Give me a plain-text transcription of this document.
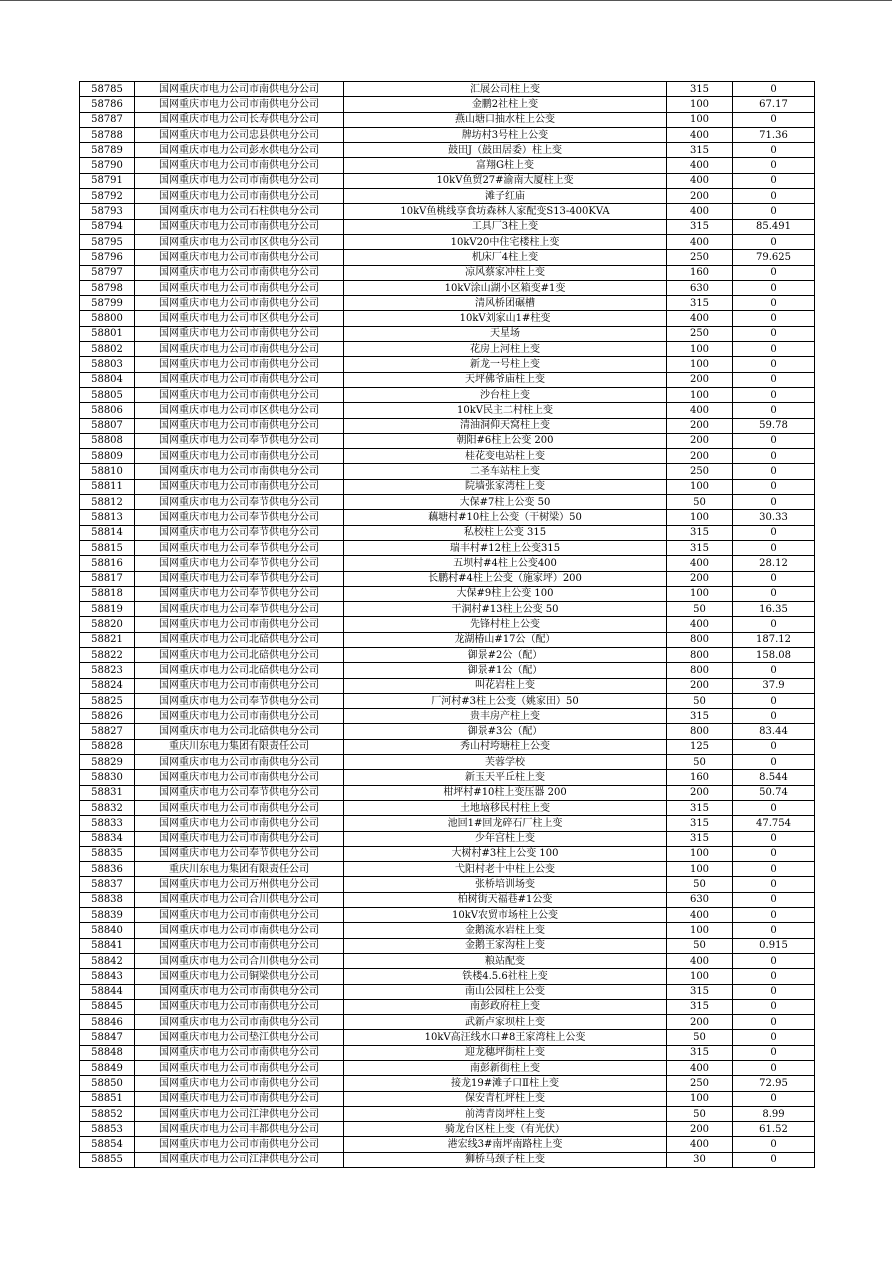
58785	国网重庆市电力公司市南供电分公司	汇展公司柱上变	315	0
58786	国网重庆市电力公司市南供电分公司	金鹏2社柱上变	100	67.17
58787	国网重庆市电力公司长寿供电分公司	燕山塘口抽水柱上公变	100	0
58788	国网重庆市电力公司忠县供电分公司	牌坊村3号柱上公变	400	71.36
58789	国网重庆市电力公司彭水供电分公司	鼓田J（鼓田居委）柱上变	315	0
58790	国网重庆市电力公司市南供电分公司	富翔G柱上变	400	0
58791	国网重庆市电力公司市南供电分公司	10kV鱼贸27#渝南大厦柱上变	400	0
58792	国网重庆市电力公司市南供电分公司	滩子红庙	200	0
58793	国网重庆市电力公司石柱供电分公司	10kV鱼桃线享食坊森林人家配变S13-400KVA	400	0
58794	国网重庆市电力公司市南供电分公司	工具厂3柱上变	315	85.491
58795	国网重庆市电力公司市区供电分公司	10kV20中住宅楼柱上变	400	0
58796	国网重庆市电力公司市南供电分公司	机床厂4柱上变	250	79.625
58797	国网重庆市电力公司市南供电分公司	凉风蔡家冲柱上变	160	0
58798	国网重庆市电力公司市南供电分公司	10kV涂山湖小区箱变#1变	630	0
58799	国网重庆市电力公司市南供电分公司	清风桥团碾槽	315	0
58800	国网重庆市电力公司市区供电分公司	10kV刘家山1#柱变	400	0
58801	国网重庆市电力公司市南供电分公司	天星场	250	0
58802	国网重庆市电力公司市南供电分公司	花房上河柱上变	100	0
58803	国网重庆市电力公司市南供电分公司	新龙一号柱上变	100	0
58804	国网重庆市电力公司市南供电分公司	天坪佛爷庙柱上变	200	0
58805	国网重庆市电力公司市南供电分公司	沙台柱上变	100	0
58806	国网重庆市电力公司市区供电分公司	10kV民主二村柱上变	400	0
58807	国网重庆市电力公司市南供电分公司	清油洞仰天窝柱上变	200	59.78
58808	国网重庆市电力公司奉节供电分公司	朝阳#6柱上公变 200	200	0
58809	国网重庆市电力公司市南供电分公司	桂花变电站柱上变	200	0
58810	国网重庆市电力公司市南供电分公司	二圣车站柱上变	250	0
58811	国网重庆市电力公司市南供电分公司	院墙张家湾柱上变	100	0
58812	国网重庆市电力公司奉节供电分公司	大保#7柱上公变 50	50	0
58813	国网重庆市电力公司奉节供电分公司	藕塘村#10柱上公变（干树梁）50	100	30.33
58814	国网重庆市电力公司奉节供电分公司	私校柱上公变 315	315	0
58815	国网重庆市电力公司奉节供电分公司	瑞丰村#12柱上公变315	315	0
58816	国网重庆市电力公司奉节供电分公司	五坝村#4柱上公变400	400	28.12
58817	国网重庆市电力公司奉节供电分公司	长鹏村#4柱上公变（施家坪）200	200	0
58818	国网重庆市电力公司奉节供电分公司	大保#9柱上公变 100	100	0
58819	国网重庆市电力公司奉节供电分公司	干洞村#13柱上公变 50	50	16.35
58820	国网重庆市电力公司市南供电分公司	先锋村柱上公变	400	0
58821	国网重庆市电力公司北碚供电分公司	龙湖椿山#17公（配）	800	187.12
58822	国网重庆市电力公司北碚供电分公司	御景#2公（配）	800	158.08
58823	国网重庆市电力公司北碚供电分公司	御景#1公（配）	800	0
58824	国网重庆市电力公司市南供电分公司	叫花岩柱上变	200	37.9
58825	国网重庆市电力公司奉节供电分公司	厂河村#3柱上公变（姚家田）50	50	0
58826	国网重庆市电力公司市南供电分公司	贵丰房产柱上变	315	0
58827	国网重庆市电力公司北碚供电分公司	御景#3公（配）	800	83.44
58828	重庆川东电力集团有限责任公司	秀山村垮塘柱上公变	125	0
58829	国网重庆市电力公司市南供电分公司	芙蓉学校	50	0
58830	国网重庆市电力公司市南供电分公司	新玉天平丘柱上变	160	8.544
58831	国网重庆市电力公司奉节供电分公司	柑坪村#10柱上变压器 200	200	50.74
58832	国网重庆市电力公司市南供电分公司	土地垴移民村柱上变	315	0
58833	国网重庆市电力公司市南供电分公司	池回1#回龙碎石厂柱上变	315	47.754
58834	国网重庆市电力公司市南供电分公司	少年宫柱上变	315	0
58835	国网重庆市电力公司奉节供电分公司	大树村#3柱上公变 100	100	0
58836	重庆川东电力集团有限责任公司	弋阳村老十中柱上公变	100	0
58837	国网重庆市电力公司万州供电分公司	张桥培训场变	50	0
58838	国网重庆市电力公司合川供电分公司	柏树街天福巷#1公变	630	0
58839	国网重庆市电力公司市南供电分公司	10kV农贸市场柱上公变	400	0
58840	国网重庆市电力公司市南供电分公司	金鹅流水岩柱上变	100	0
58841	国网重庆市电力公司市南供电分公司	金鹅王家沟柱上变	50	0.915
58842	国网重庆市电力公司合川供电分公司	粮站配变	400	0
58843	国网重庆市电力公司铜梁供电分公司	铁楼4.5.6社柱上变	100	0
58844	国网重庆市电力公司市南供电分公司	南山公园柱上公变	315	0
58845	国网重庆市电力公司市南供电分公司	南彭政府柱上变	315	0
58846	国网重庆市电力公司市南供电分公司	武新卢家坝柱上变	200	0
58847	国网重庆市电力公司垫江供电分公司	10kV高汪线水口#8王家湾柱上公变	50	0
58848	国网重庆市电力公司市南供电分公司	迎龙穗坪街柱上变	315	0
58849	国网重庆市电力公司市南供电分公司	南彭新街柱上变	400	0
58850	国网重庆市电力公司市南供电分公司	接龙19#滩子口Ⅱ柱上变	250	72.95
58851	国网重庆市电力公司市南供电分公司	保安青杠坪柱上变	100	0
58852	国网重庆市电力公司江津供电分公司	前湾青岗坪柱上变	50	8.99
58853	国网重庆市电力公司丰都供电分公司	骑龙台区柱上变（有光伏）	200	61.52
58854	国网重庆市电力公司市南供电分公司	港宏线3#南坪南路柱上变	400	0
58855	国网重庆市电力公司江津供电分公司	狮桥马颈子柱上变	30	0
